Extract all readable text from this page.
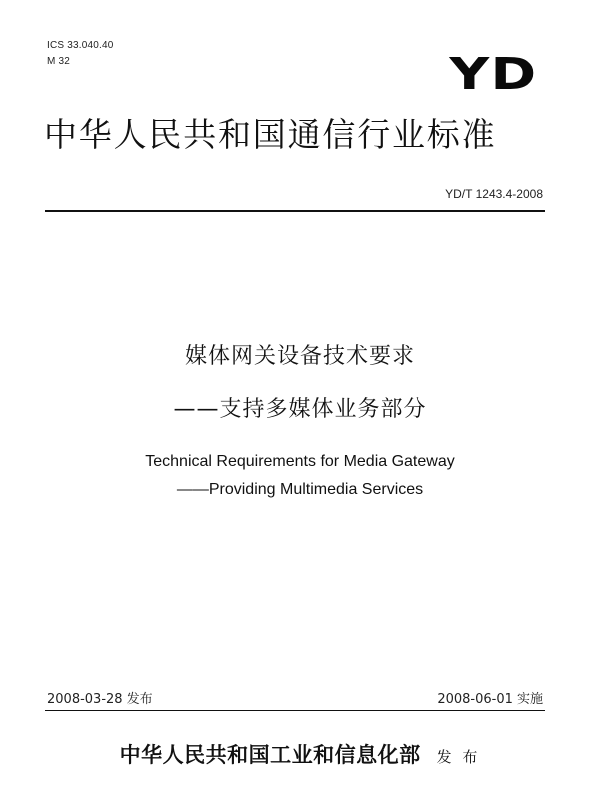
ICS 33.040.40
M 32	YD
中华人民共和国通信行业标准
YD/T 1243.4-2008
媒体网关设备技术要求
——支持多媒体业务部分
Technical Requirements for Media Gateway
——Providing Multimedia Services
2008-03-28 发布	2008-06-01 实施
中华人民共和国工业和信息化部 发 布
